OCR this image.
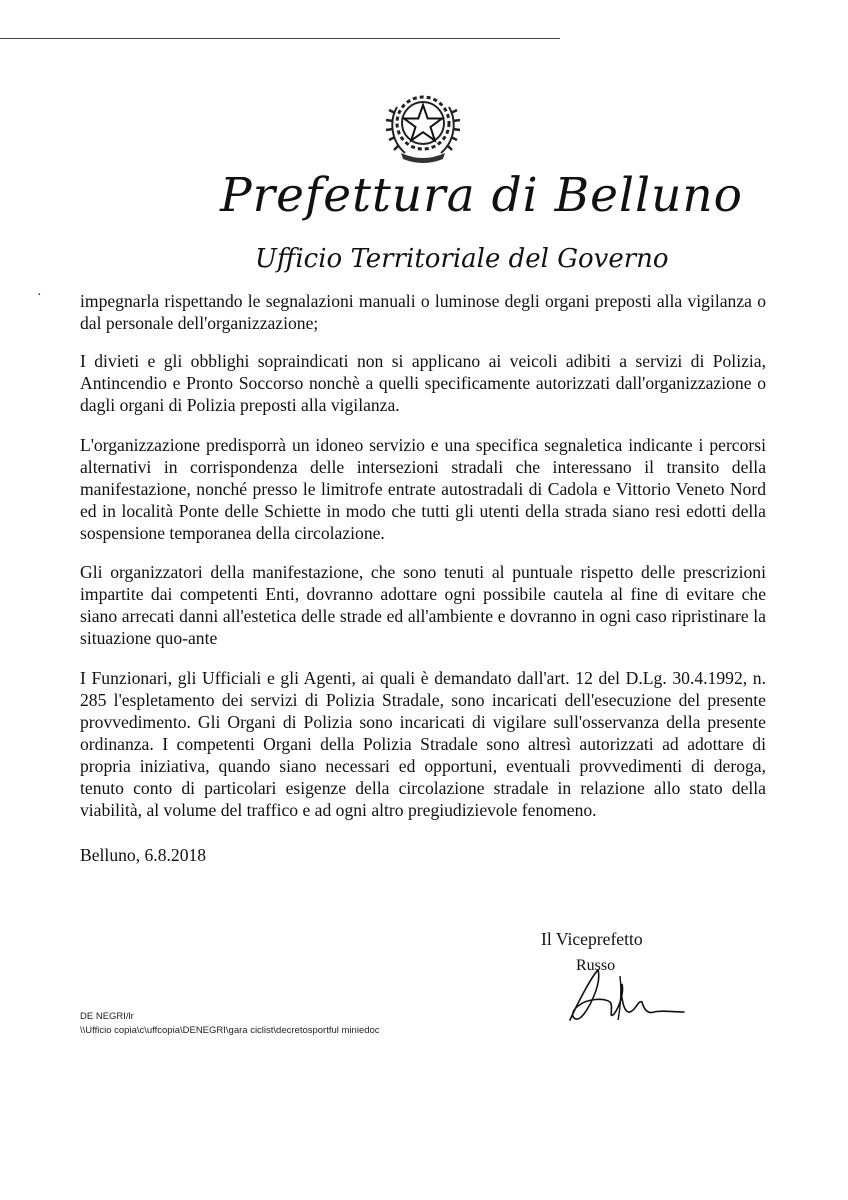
Prefettura di Belluno
Ufficio Territoriale del Governo
· impegnarla rispettando le segnalazioni manuali o luminose degli organi preposti alla vigilanza o dal personale dell'organizzazione;

I divieti e gli obblighi sopraindicati non si applicano ai veicoli adibiti a servizi di Polizia, Antincendio e Pronto Soccorso nonchè a quelli specificamente autorizzati dall'organizzazione o dagli organi di Polizia preposti alla vigilanza.

L'organizzazione predisporrà un idoneo servizio e una specifica segnaletica indicante i percorsi alternativi in corrispondenza delle intersezioni stradali che interessano il transito della manifestazione, nonché presso le limitrofe entrate autostradali di Cadola e Vittorio Veneto Nord ed in località Ponte delle Schiette in modo che tutti gli utenti della strada siano resi edotti della sospensione temporanea della circolazione.

Gli organizzatori della manifestazione, che sono tenuti al puntuale rispetto delle prescrizioni impartite dai competenti Enti, dovranno adottare ogni possibile cautela al fine di evitare che siano arrecati danni all'estetica delle strade ed all'ambiente e dovranno in ogni caso ripristinare la situazione quo-ante

I Funzionari, gli Ufficiali e gli Agenti, ai quali è demandato dall'art. 12 del D.Lg. 30.4.1992, n. 285 l'espletamento dei servizi di Polizia Stradale, sono incaricati dell'esecuzione del presente provvedimento. Gli Organi di Polizia sono incaricati di vigilare sull'osservanza della presente ordinanza. I competenti Organi della Polizia Stradale sono altresì autorizzati ad adottare di propria iniziativa, quando siano necessari ed opportuni, eventuali provvedimenti di deroga, tenuto conto di particolari esigenze della circolazione stradale in relazione allo stato della viabilità, al volume del traffico e ad ogni altro pregiudizievole fenomeno.

Belluno, 6.8.2018
Il Viceprefetto
Russo
DE NEGRI/lr
\\Ufficio copia\c\uffcopia\DENEGRI\gara ciclist\decretosportful miniedoc
